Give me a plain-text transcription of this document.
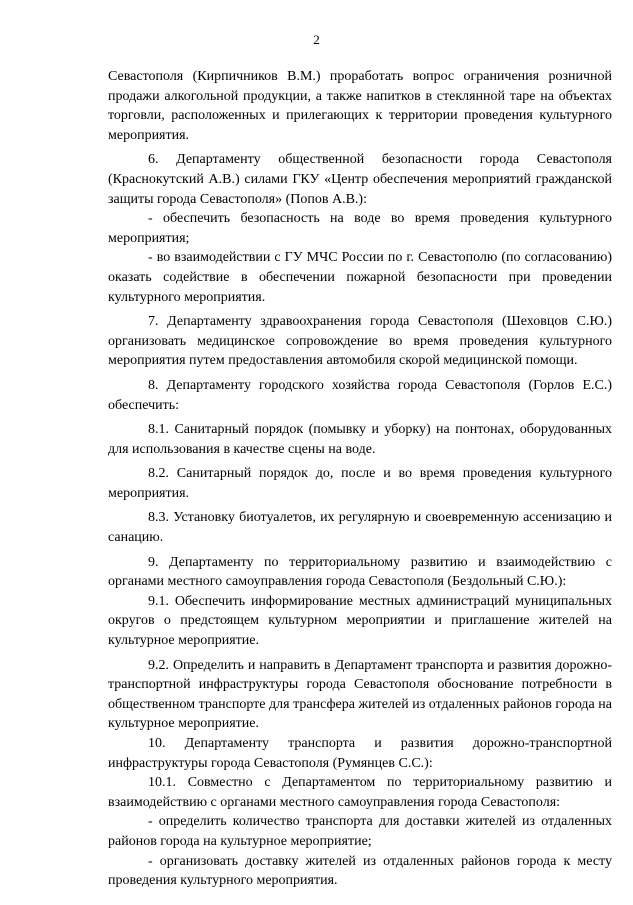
2

Севастополя (Кирпичников В.М.) проработать вопрос ограничения розничной продажи алкогольной продукции, а также напитков в стеклянной таре на объектах торговли, расположенных и прилегающих к территории проведения культурного мероприятия.

6. Департаменту общественной безопасности города Севастополя (Краснокутский А.В.) силами ГКУ «Центр обеспечения мероприятий гражданской защиты города Севастополя» (Попов А.В.):

- обеспечить безопасность на воде во время проведения культурного мероприятия;

- во взаимодействии с ГУ МЧС России по г. Севастополю (по согласованию) оказать содействие в обеспечении пожарной безопасности при проведении культурного мероприятия.

7. Департаменту здравоохранения города Севастополя (Шеховцов С.Ю.) организовать медицинское сопровождение во время проведения культурного мероприятия путем предоставления автомобиля скорой медицинской помощи.

8. Департаменту городского хозяйства города Севастополя (Горлов Е.С.) обеспечить:

8.1. Санитарный порядок (помывку и уборку) на понтонах, оборудованных для использования в качестве сцены на воде.

8.2. Санитарный порядок до, после и во время проведения культурного мероприятия.

8.3. Установку биотуалетов, их регулярную и своевременную ассенизацию и санацию.

9. Департаменту по территориальному развитию и взаимодействию с органами местного самоуправления города Севастополя (Бездольный С.Ю.):

9.1. Обеспечить информирование местных администраций муниципальных округов о предстоящем культурном мероприятии и приглашение жителей на культурное мероприятие.

9.2. Определить и направить в Департамент транспорта и развития дорожно-транспортной инфраструктуры города Севастополя обоснование потребности в общественном транспорте для трансфера жителей из отдаленных районов города на культурное мероприятие.

10. Департаменту транспорта и развития дорожно-транспортной инфраструктуры города Севастополя (Румянцев С.С.):

10.1. Совместно с Департаментом по территориальному развитию и взаимодействию с органами местного самоуправления города Севастополя:

- определить количество транспорта для доставки жителей из отдаленных районов города на культурное мероприятие;

- организовать доставку жителей из отдаленных районов города к месту проведения культурного мероприятия.
